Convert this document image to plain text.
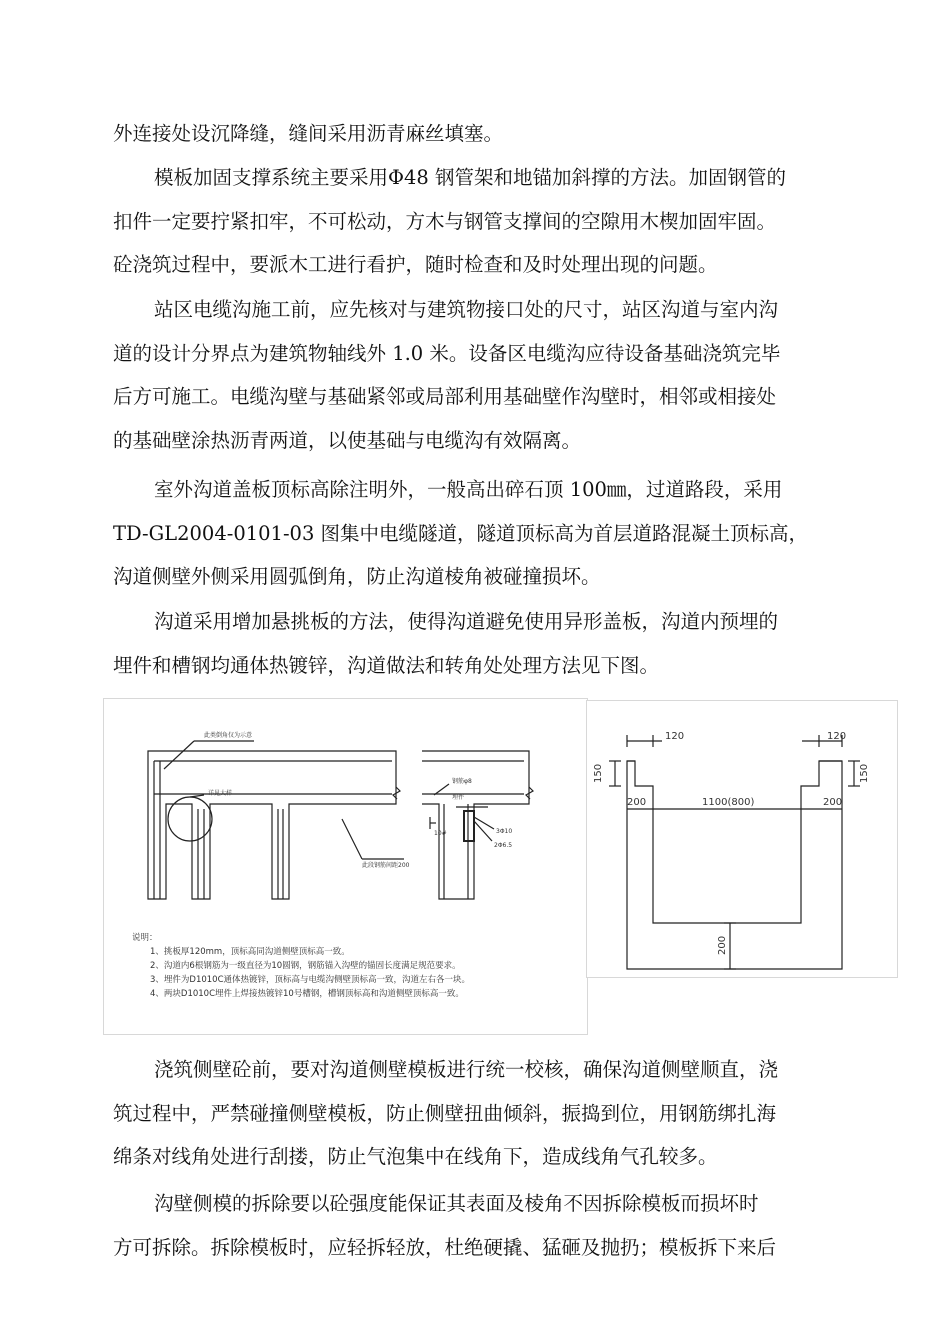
外连接处设沉降缝，缝间采用沥青麻丝填塞。
模板加固支撑系统主要采用Φ48 钢管架和地锚加斜撑的方法。加固钢管的
扣件一定要拧紧扣牢，不可松动，方木与钢管支撑间的空隙用木楔加固牢固。
砼浇筑过程中，要派木工进行看护，随时检查和及时处理出现的问题。
站区电缆沟施工前，应先核对与建筑物接口处的尺寸，站区沟道与室内沟
道的设计分界点为建筑物轴线外 1.0 米。设备区电缆沟应待设备基础浇筑完毕
后方可施工。电缆沟壁与基础紧邻或局部利用基础壁作沟壁时，相邻或相接处
的基础壁涂热沥青两道，以使基础与电缆沟有效隔离。
室外沟道盖板顶标高除注明外，一般高出碎石顶 100㎜，过道路段，采用
TD-GL2004-0101-03 图集中电缆隧道，隧道顶标高为首层道路混凝土顶标高，
沟道侧壁外侧采用圆弧倒角，防止沟道棱角被碰撞损坏。
沟道采用增加悬挑板的方法，使得沟道避免使用异形盖板，沟道内预埋的
埋件和槽钢均通体热镀锌，沟道做法和转角处处理方法见下图。
此类倒角仅为示意
详见大样
此段钢筋间距200
钢筋φ8
埋件
10#	3Φ10
2Φ6.5
说明：
1、挑板厚120mm，顶标高同沟道侧壁顶标高一致。
2、沟道内6根钢筋为一级直径为10圆钢，钢筋锚入沟壁的锚固长度满足规范要求。
3、埋件为D1010C通体热镀锌，顶标高与电缆沟侧壁顶标高一致，沟道左右各一块。
4、两块D1010C埋件上焊接热镀锌10号槽钢，槽钢顶标高和沟道侧壁顶标高一致。
120	120
150	150
200	200
1100(800)
200
浇筑侧壁砼前，要对沟道侧壁模板进行统一校核，确保沟道侧壁顺直，浇
筑过程中，严禁碰撞侧壁模板，防止侧壁扭曲倾斜，振捣到位，用钢筋绑扎海
绵条对线角处进行刮搂，防止气泡集中在线角下，造成线角气孔较多。
沟壁侧模的拆除要以砼强度能保证其表面及棱角不因拆除模板而损坏时
方可拆除。拆除模板时，应轻拆轻放，杜绝硬撬、猛砸及抛扔；模板拆下来后
